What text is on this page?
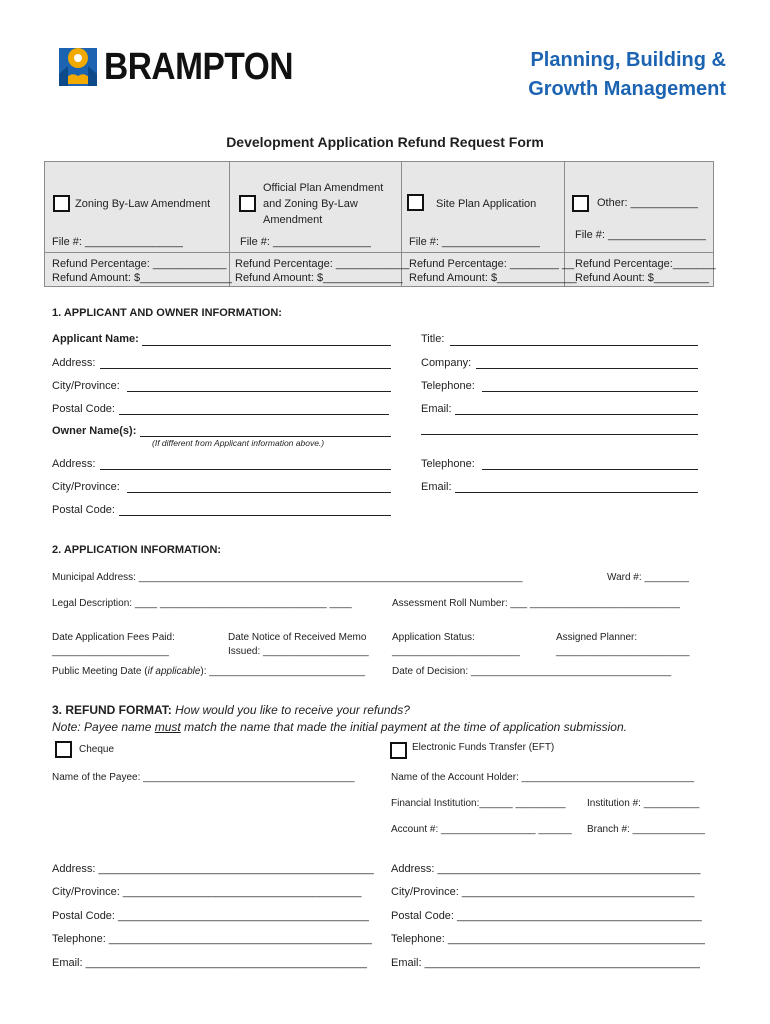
BRAMPTON	Planning, Building &
Growth Management
Development Application Refund Request Form
Zoning By-Law Amendment
File #: ________________
Refund Percentage: ____________
Refund Amount: $_______________
Official Plan Amendment
and Zoning By-Law
Amendment
File #: ________________
Refund Percentage: ____________
Refund Amount: $_____________
Site Plan Application
File #: ________________
Refund Percentage: ________ __
Refund Amount: $_____________
Other: ___________
File #: ________________
Refund Percentage:_______
Refund Aount: $_________
1. APPLICANT AND OWNER INFORMATION:
Applicant Name:	Title:
Address:	Company:
City/Province:	Telephone:
Postal Code:	Email:
Owner Name(s):
(If different from Applicant information above.)
Address:	Telephone:
City/Province:	Email:
Postal Code:
2. APPLICATION INFORMATION:
Municipal Address: _____________________________________________________________________	Ward #: ________
Legal Description: ____ ______________________________ ____	Assessment Roll Number: ___ ___________________________
Date Application Fees Paid:
_____________________
Date Notice of Received Memo
Issued: ___________________
Application Status:
_______________________
Assigned Planner:
________________________
Public Meeting Date (if applicable): ____________________________	Date of Decision: ____________________________________
3. REFUND FORMAT: How would you like to receive your refunds?
Note: Payee name must match the name that made the initial payment at the time of application submission.
Cheque	Electronic Funds Transfer (EFT)
Name of the Payee: ______________________________________	Name of the Account Holder: _______________________________
Financial Institution:______ _________ Institution #: __________
Account #: _________________ ______ Branch #: _____________
Address: _____________________________________________
City/Province: _______________________________________
Postal Code: _________________________________________
Telephone: ___________________________________________
Email: ______________________________________________
Address: ___________________________________________
City/Province: ______________________________________
Postal Code: ________________________________________
Telephone: __________________________________________
Email: _____________________________________________
